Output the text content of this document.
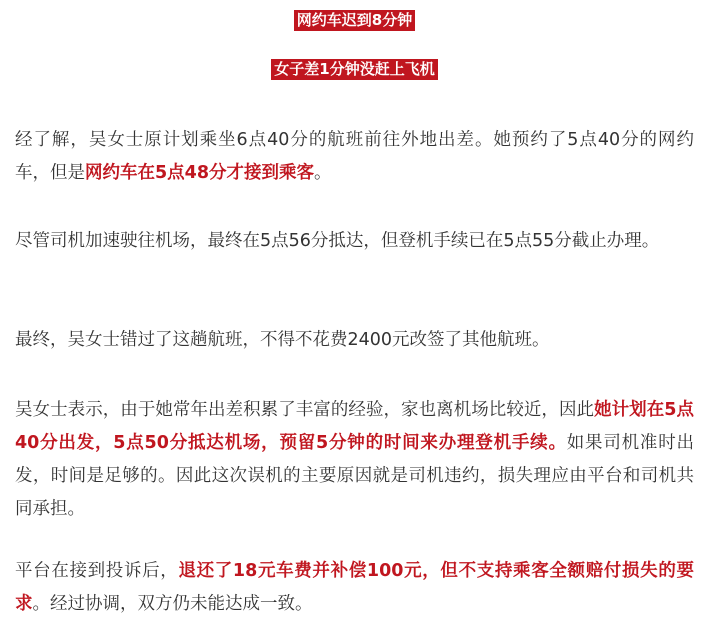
网约车迟到8分钟
女子差1分钟没赶上飞机

经了解，吴女士原计划乘坐6点40分的航班前往外地出差。她预约了5点40分的网约车，但是网约车在5点48分才接到乘客。

尽管司机加速驶往机场，最终在5点56分抵达，但登机手续已在5点55分截止办理。

最终，吴女士错过了这趟航班，不得不花费2400元改签了其他航班。

吴女士表示，由于她常年出差积累了丰富的经验，家也离机场比较近，因此她计划在5点40分出发，5点50分抵达机场，预留5分钟的时间来办理登机手续。如果司机准时出发，时间是足够的。因此这次误机的主要原因就是司机违约，损失理应由平台和司机共同承担。

平台在接到投诉后，退还了18元车费并补偿100元，但不支持乘客全额赔付损失的要求。经过协调，双方仍未能达成一致。
